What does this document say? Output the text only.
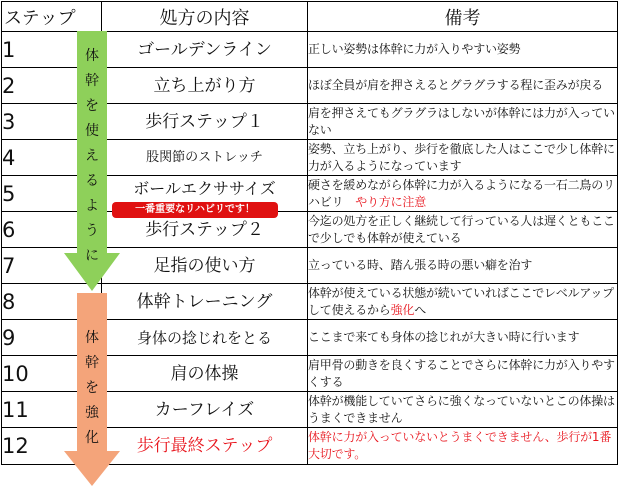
ステップ	処方の内容	備考
1	ゴールデンライン	正しい姿勢は体幹に力が入りやすい姿勢
2	立ち上がり方	ほぼ全員が肩を押さえるとグラグラする程に歪みが戻る
3	歩行ステップ１	肩を押さえてもグラグラはしないが体幹には力が入っていない
4	股関節のストレッチ	姿勢、立ち上がり、歩行を徹底した人はここで少し体幹に力が入るようになっています
5	ボールエクササイズ	硬さを緩めながら体幹に力が入るようになる一石二鳥のリハビリ　 やり方に注意
6	歩行ステップ２	今迄の処方を正しく継続して行っている人は遅くともここで少しでも体幹が使えている
7	足指の使い方	立っている時、踏ん張る時の悪い癖を治す
8	体幹トレーニング	体幹が使えている状態が続いていればここでレベルアップして使えるから強化へ
9	身体の捻じれをとる	ここまで来ても身体の捻じれが大きい時に行います
10	肩の体操	肩甲骨の動きを良くすることでさらに体幹に力が入りやすくする
11	カーフレイズ	体幹が機能していてさらに強くなっていないとこの体操はうまくできません
12	歩行最終ステップ	体幹に力が入っていないとうまくできません、歩行が1番大切です。
体
幹
を
使
え
る
よ
う
に
体
幹
を
強
化
一番重要なリハビリです！
